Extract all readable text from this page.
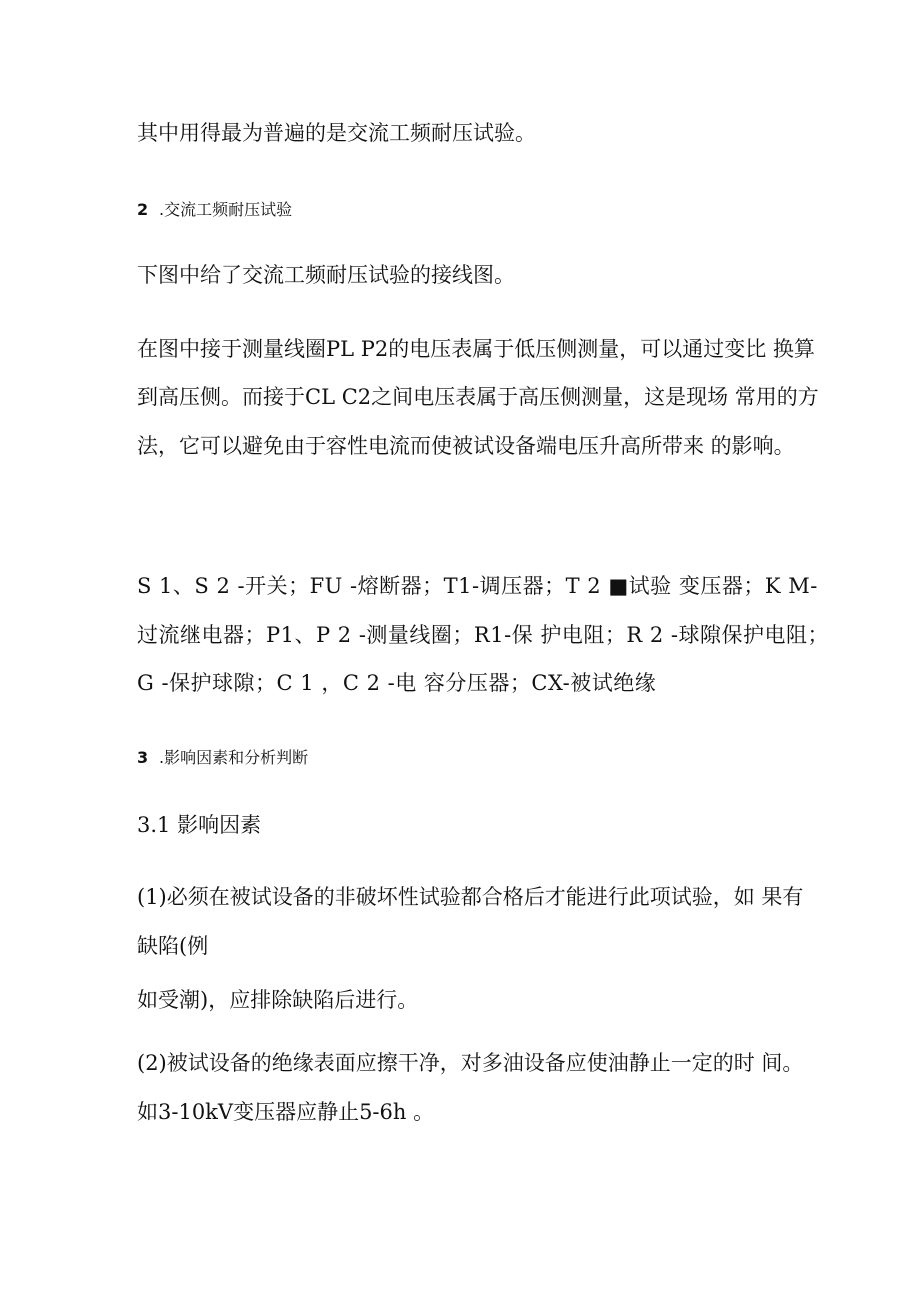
其中用得最为普遍的是交流工频耐压试验。
2 .交流工频耐压试验
下图中给了交流工频耐压试验的接线图。
在图中接于测量线圈PL P2的电压表属于低压侧测量，可以通过变比 换算
到高压侧。而接于CL C2之间电压表属于高压侧测量，这是现场 常用的方
法，它可以避免由于容性电流而使被试设备端电压升高所带来 的影响。
S 1、S 2 -开关；FU -熔断器；T1-调压器；T 2 ■试验 变压器；K M-
过流继电器；P1、P 2 -测量线圈；R1-保 护电阻；R 2 -球隙保护电阻；
G -保护球隙；C 1 ，C 2 -电 容分压器；CX-被试绝缘
3 .影响因素和分析判断
3.1 影响因素
(1)必须在被试设备的非破坏性试验都合格后才能进行此项试验，如 果有
缺陷(例
如受潮)，应排除缺陷后进行。
(2)被试设备的绝缘表面应擦干净，对多油设备应使油静止一定的时 间。
如3-10kV变压器应静止5-6h 。
